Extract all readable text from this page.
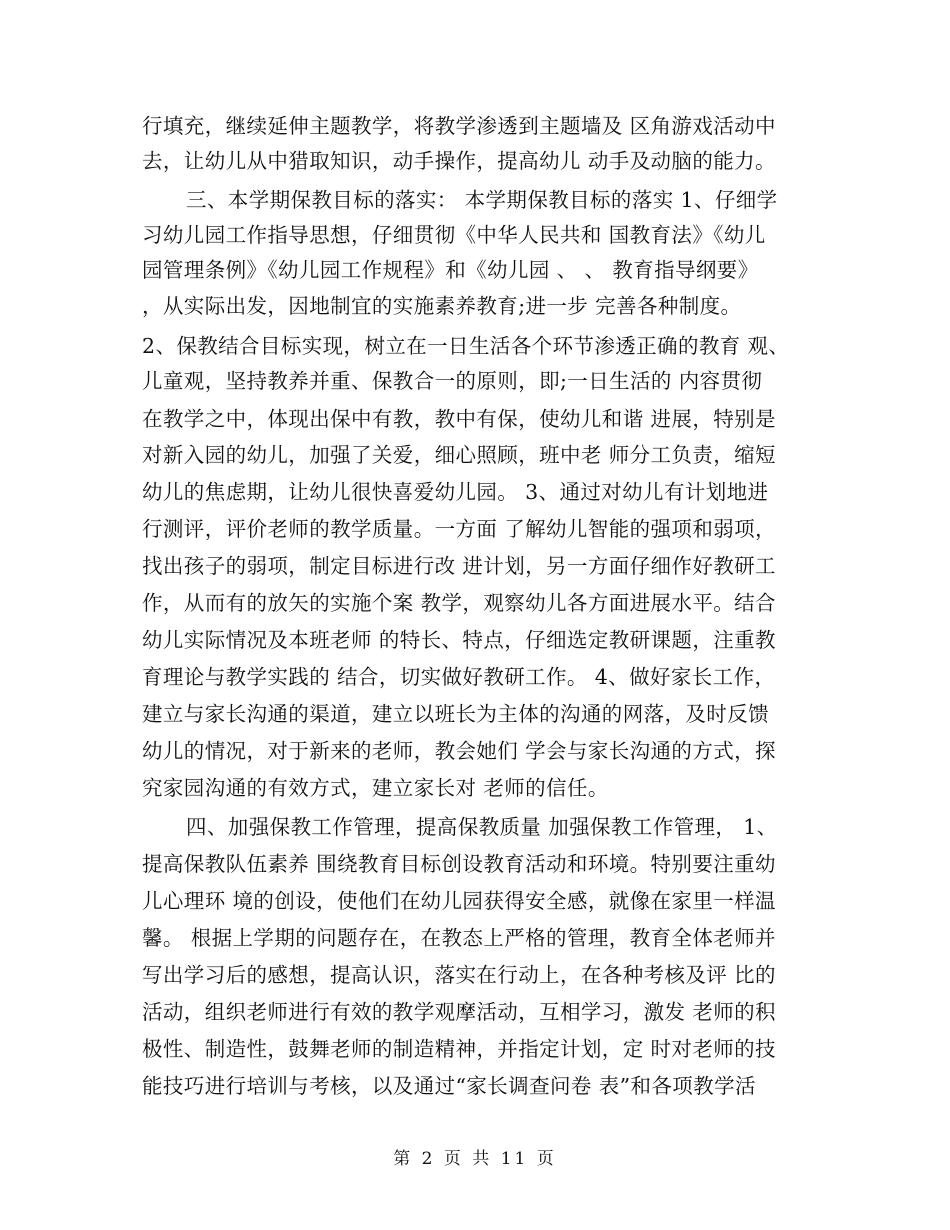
行填充，继续延伸主题教学，将教学渗透到主题墙及 区角游戏活动中
去，让幼儿从中猎取知识，动手操作，提高幼儿 动手及动脑的能力。
三、本学期保教目标的落实： 本学期保教目标的落实 1、仔细学
习幼儿园工作指导思想，仔细贯彻《中华人民共和 国教育法》《幼儿
园管理条例》《幼儿园工作规程》和《幼儿园 、 、 教育指导纲要》
，从实际出发，因地制宜的实施素养教育;进一步 完善各种制度。
2、保教结合目标实现，树立在一日生活各个环节渗透正确的教育 观、
儿童观，坚持教养并重、保教合一的原则，即;一日生活的 内容贯彻
在教学之中，体现出保中有教，教中有保，使幼儿和谐 进展，特别是
对新入园的幼儿，加强了关爱，细心照顾，班中老 师分工负责，缩短
幼儿的焦虑期，让幼儿很快喜爱幼儿园。 3、通过对幼儿有计划地进
行测评，评价老师的教学质量。一方面 了解幼儿智能的强项和弱项，
找出孩子的弱项，制定目标进行改 进计划，另一方面仔细作好教研工
作，从而有的放矢的实施个案 教学，观察幼儿各方面进展水平。结合
幼儿实际情况及本班老师 的特长、特点，仔细选定教研课题，注重教
育理论与教学实践的 结合，切实做好教研工作。 4、做好家长工作，
建立与家长沟通的渠道，建立以班长为主体的沟通的网落，及时反馈
幼儿的情况，对于新来的老师，教会她们 学会与家长沟通的方式，探
究家园沟通的有效方式，建立家长对 老师的信任。
四、加强保教工作管理，提高保教质量 加强保教工作管理， 1、
提高保教队伍素养 围绕教育目标创设教育活动和环境。特别要注重幼
儿心理环 境的创设，使他们在幼儿园获得安全感，就像在家里一样温
馨。 根据上学期的问题存在，在教态上严格的管理，教育全体老师并
写出学习后的感想，提高认识，落实在行动上，在各种考核及评 比的
活动，组织老师进行有效的教学观摩活动，互相学习，激发 老师的积
极性、制造性，鼓舞老师的制造精神，并指定计划，定 时对老师的技
能技巧进行培训与考核，以及通过“家长调查问卷 表”和各项教学活
第 2 页 共 11 页
